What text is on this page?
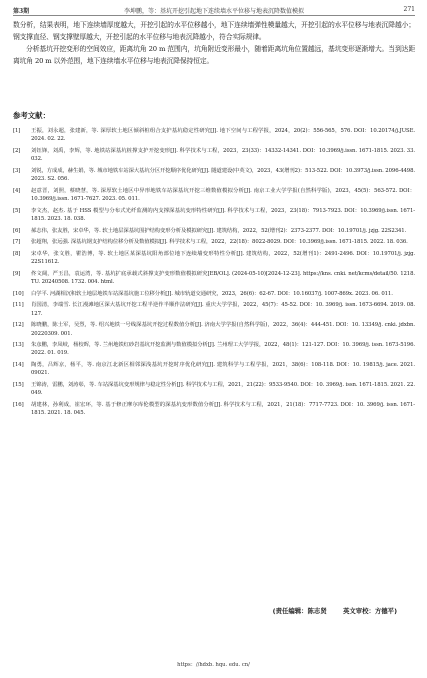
第3期	李坤鹏，等：基坑开挖引起地下连续墙水平位移与地表沉降数值模拟	271

数分析，结果表明，地下连续墙厚度越大，开挖引起的水平位移越小，地下连续墙弹性模量越大，开挖引起的水平位移与地表沉降越小；钢支撑直径、钢支撑壁厚越大，开挖引起的水平位移与地表沉降越小，符合实际规律。

分析基坑开挖变形的空间效应，距离坑角 20 m 范围内，坑角附近变形最小，随着距离坑角位置越远，基坑变形逐渐增大。当到达距离坑角 20 m 以外范围，地下连续墙水平位移与地表沉降保持恒定。

参考文献：
[1] 王振，刘永超，张建新，等. 深厚软土地区倾斜桩组合支护基坑稳定性研究[J]. 地下空间与工程学报，2024，20(2)：556-565，576. DOI：10.20174/j.JUSE. 2024. 02. 22.
[2] 刘钰锋，刘禹，李辉，等. 地铁站深基坑桩撑支护开挖变形[J]. 科学技术与工程，2023，23(33)：14332-14341. DOI：10.3969/j.issn. 1671-1815. 2023. 33. 032.
[3] 刘锐，方成成，赫生娟，等. 城市地铁车站深大基坑分区开挖顺序优化研究[J]. 隧道建设(中英文)，2023，43(增刊2)：513-522. DOI：10.3973/j.issn. 2096-4498. 2023. S2. 056.
[4] 赵意晋，刘照，蔡晓慧，等. 深厚软土地区中异形地铁车站深基坑开挖三维数值模拟分析[J]. 南京工业大学学报(自然科学版)，2023，45(5)：563-572. DOI：10.3969/j.issn. 1671-7627. 2023. 05. 011.
[5] 李文杰，赵杰. 基于 HSS 模型与分布式光纤监测的内支撑深基坑变形特性研究[J]. 科学技术与工程，2023，23(18)：7913-7923. DOI：10.3969/j.issn. 1671-1815. 2023. 18. 038.
[6] 郝志伟，张友胜，宋卓华，等. 软土地层深基坑围护结构变形分析及模拟研究[J]. 建筑结构，2022，52(增刊2)：2373-2377. DOI：10.19701/j. jzjg. 22S2341.
[7] 张超翔，张远强. 深基坑钢支护结构位移分析及数值模拟[J]. 科学技术与工程，2022，22(18)：8022-8029. DOI：10.3969/j.issn. 1671-1815. 2022. 18. 036.
[8] 宋卓华，张文胜，瞿浩博，等. 软土地区某深基坑阳角部位地下连续墙变形特性分析[J]. 建筑结构，2022，52(增刊1)：2491-2496. DOI：10.19701/j. jzjg. 22S11612.
[9] 佟文阔，严玉昌，袁运湾，等. 基坑扩底承载式斜撑支护变形数值模拟研究[EB/OL]. (2024-05-10)[2024-12-23]. https://kns. cnki. net/kcms/detail/50. 1218. TU. 20240508. 1732. 004. html.
[10] 白学平. 河湖相沉积软土地层地铁车站深基坑施工位移分析[J]. 城市轨道交通研究，2023，26(6)：62-67. DOI：10.16037/j. 1007-869x. 2023. 06. 011.
[11] 肖国清，李端雪. 长江漫滩地区深大基坑开挖工程半逆作半顺作法研究[J]. 重庆大学学报，2022，45(7)：45-52. DOI：10. 3969/j. issn. 1673-6694. 2019. 08. 127.
[12] 陈晓鹏，陈士军，吴烈，等. 绍兴地铁一号线深基坑开挖过程数值分析[J]. 济南大学学报(自然科学版)，2022，36(4)：444-451. DOI：10. 13349/j. cnki. jdxbn. 20220309. 001.
[13] 朱彦鹏，李凤岐，杨校晖，等. 兰州地铁红砂岩基坑开挖监测与数值模拟分析[J]. 兰州理工大学学报，2022，48(1)：121-127. DOI：10. 3969/j. issn. 1673-5196. 2022. 01. 019.
[14] 陶勇，吕辉京，杨平，等. 南京江北新区相邻深浅基坑开挖时序优化研究[J]. 建筑科学与工程学报，2021，38(6)：108-118. DOI：10. 19815/j. jace. 2021. 09021.
[15] 王锦涛，雷鹏，刘涛彰，等. 车站深基坑变形规律与稳定性分析[J]. 科学技术与工程，2021，21(22)：9533-9540. DOI：10. 3969/j. issn. 1671-1815. 2021. 22. 049.
[16] 胡建林，孙利成，崔宏环，等. 基于修正摩尔库伦模型的深基坑变形数值分析[J]. 科学技术与工程，2021，21(18)：7717-7723. DOI：10. 3969/j. issn. 1671-1815. 2021. 18. 045.
(责任编辑：陈志贤	英文审校：方德平)
https：//hdxb. hqu. edu. cn/
